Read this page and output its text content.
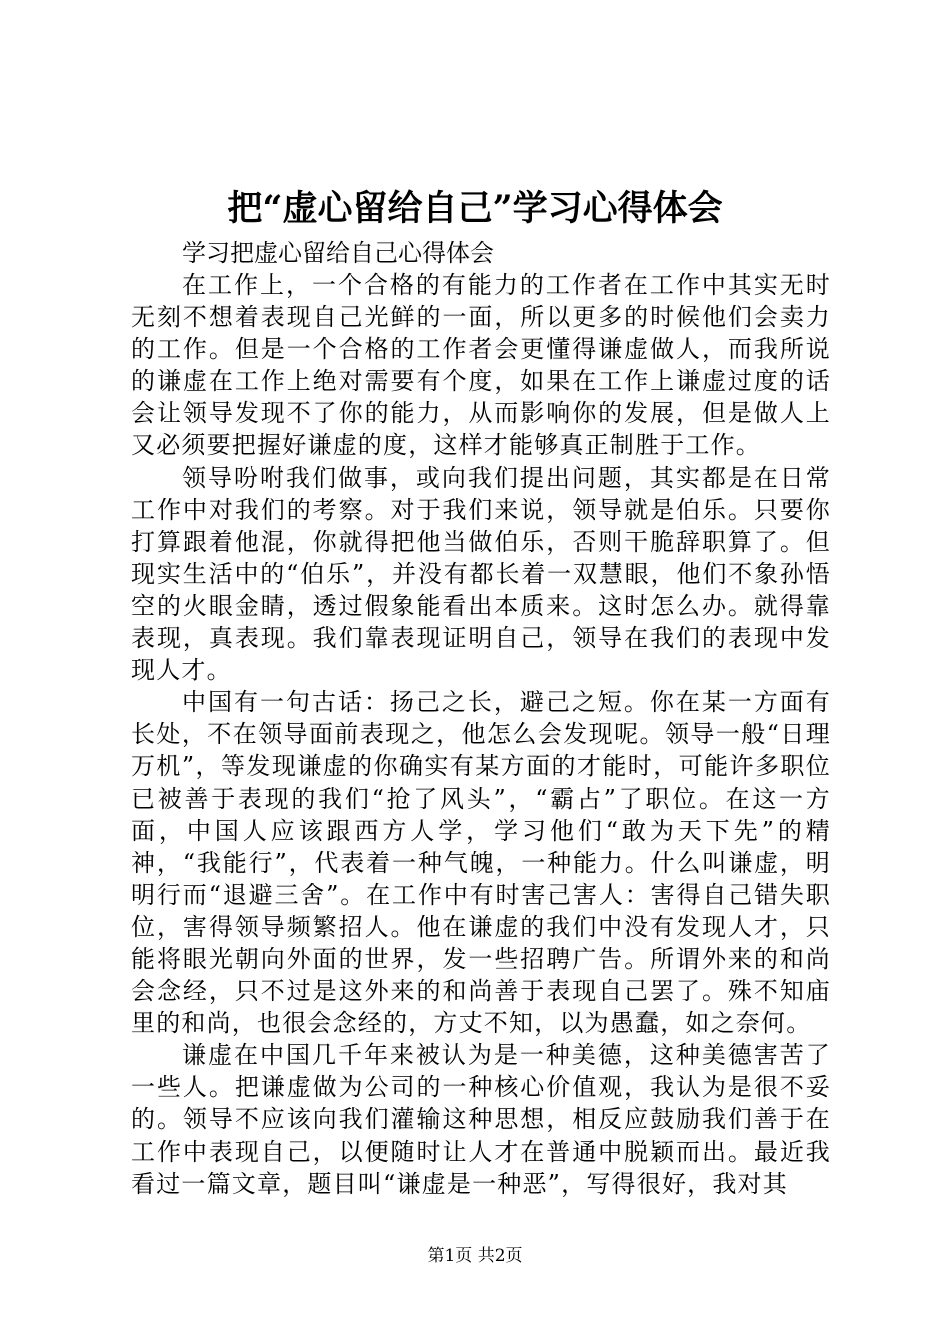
把“虚心留给自己”学习心得体会

学习把虚心留给自己心得体会

在工作上，一个合格的有能力的工作者在工作中其实无时无刻不想着表现自己光鲜的一面，所以更多的时候他们会卖力的工作。但是一个合格的工作者会更懂得谦虚做人，而我所说的谦虚在工作上绝对需要有个度，如果在工作上谦虚过度的话会让领导发现不了你的能力，从而影响你的发展，但是做人上又必须要把握好谦虚的度，这样才能够真正制胜于工作。

领导吩咐我们做事，或向我们提出问题，其实都是在日常工作中对我们的考察。对于我们来说，领导就是伯乐。只要你打算跟着他混，你就得把他当做伯乐，否则干脆辞职算了。但现实生活中的“伯乐”，并没有都长着一双慧眼，他们不象孙悟空的火眼金睛，透过假象能看出本质来。这时怎么办。就得靠表现，真表现。我们靠表现证明自己，领导在我们的表现中发现人才。

中国有一句古话：扬己之长，避己之短。你在某一方面有长处，不在领导面前表现之，他怎么会发现呢。领导一般“日理万机”，等发现谦虚的你确实有某方面的才能时，可能许多职位已被善于表现的我们“抢了风头”，“霸占”了职位。在这一方面，中国人应该跟西方人学，学习他们“敢为天下先”的精神，“我能行”，代表着一种气魄，一种能力。什么叫谦虚，明明行而“退避三舍”。在工作中有时害己害人：害得自己错失职位，害得领导频繁招人。他在谦虚的我们中没有发现人才，只能将眼光朝向外面的世界，发一些招聘广告。所谓外来的和尚会念经，只不过是这外来的和尚善于表现自己罢了。殊不知庙里的和尚，也很会念经的，方丈不知，以为愚蠢，如之奈何。

谦虚在中国几千年来被认为是一种美德，这种美德害苦了一些人。把谦虚做为公司的一种核心价值观，我认为是很不妥的。领导不应该向我们灌输这种思想，相反应鼓励我们善于在工作中表现自己，以便随时让人才在普通中脱颖而出。最近我看过一篇文章，题目叫“谦虚是一种恶”，写得很好，我对其

第1页 共2页
